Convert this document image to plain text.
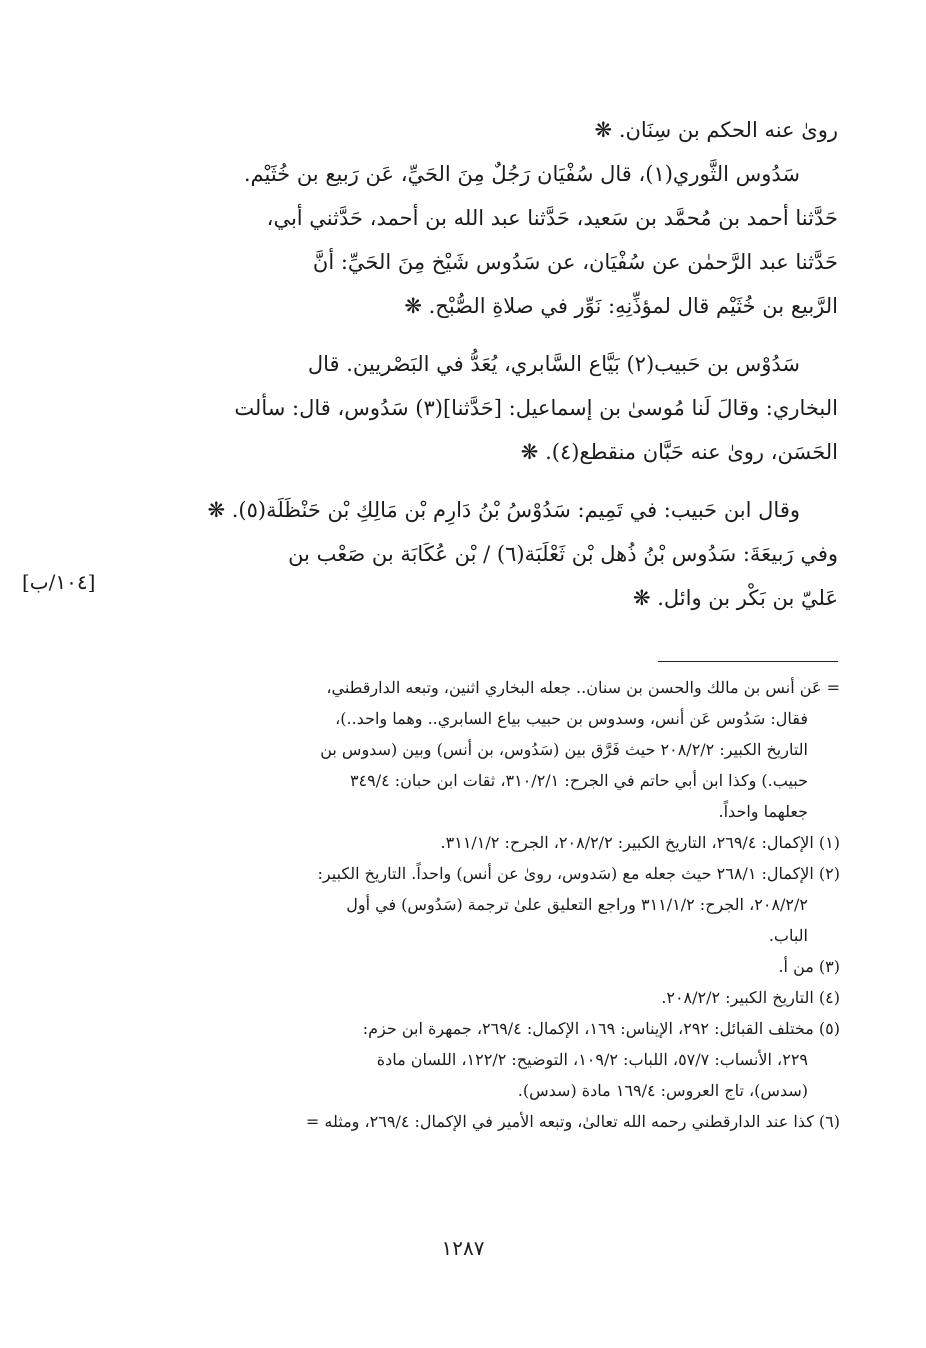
روىٰ عنه الحكم بن سِنَان. ❋
سَدُوس الثَّوري(١)، قال سُفْيَان رَجُلٌ مِنَ الحَيِّ، عَن رَبيع بن خُثَيْم.
حَدَّثنا أحمد بن مُحمَّد بن سَعيد، حَدَّثنا عبد الله بن أحمد، حَدَّثني أبي،
حَدَّثنا عبد الرَّحمٰن عن سُفْيَان، عن سَدُوس شَيْخ مِنَ الحَيِّ: أنَّ
الرَّبيع بن خُثَيْم قال لمؤذِّنِهِ: نَوِّر في صلاةِ الصُّبْح. ❋
سَدُوْس بن حَبيب(٢) بَيَّاع السَّابري، يُعَدُّ في البَصْريين. قال
البخاري: وقالَ لَنا مُوسىٰ بن إسماعيل: [حَدَّثنا](٣) سَدُوس، قال: سألت
الحَسَن، روىٰ عنه حَبَّان منقطع(٤). ❋
وقال ابن حَبيب: في تَمِيم: سَدُوْسُ بْنُ دَارِم بْن مَالِكِ بْن حَنْظَلَة(٥). ❋
وفي رَبيعَةَ: سَدُوس بْنُ ذُهل بْن ثَعْلَبَة(٦) / بْن عُكَابَة بن صَعْب بن
عَليّ بن بَكْر بن وائل. ❋
[١٠٤/ب]
= عَن أنس بن مالك والحسن بن سنان.. جعله البخاري اثنين، وتبعه الدارقطني،
فقال: سَدُوس عَن أنس، وسدوس بن حبيب بياع السابري.. وهما واحد..)،
التاريخ الكبير: ٢٠٨/٢/٢ حيث فَرَّق بين (سَدُوس، بن أنس) وبين (سدوس بن
حبيب.) وكذا ابن أبي حاتم في الجرح: ٣١٠/٢/١، ثقات ابن حبان: ٣٤٩/٤
جعلهما واحداً.
(١) الإكمال: ٢٦٩/٤، التاريخ الكبير: ٢٠٨/٢/٢، الجرح: ٣١١/١/٢.
(٢) الإكمال: ٢٦٨/١ حيث جعله مع (سَدوس، روىٰ عن أنس) واحداً. التاريخ الكبير:
٢٠٨/٢/٢، الجرح: ٣١١/١/٢ وراجع التعليق علىٰ ترجمة (سَدُوس) في أول
الباب.
(٣) من أ.
(٤) التاريخ الكبير: ٢٠٨/٢/٢.
(٥) مختلف القبائل: ٢٩٢، الإيناس: ١٦٩، الإكمال: ٢٦٩/٤، جمهرة ابن حزم:
٢٢٩، الأنساب: ٥٧/٧، اللباب: ١٠٩/٢، التوضيح: ١٢٢/٢، اللسان مادة
(سدس)، تاج العروس: ١٦٩/٤ مادة (سدس).
(٦) كذا عند الدارقطني رحمه الله تعالىٰ، وتبعه الأمير في الإكمال: ٢٦٩/٤، ومثله =
١٢٨٧
